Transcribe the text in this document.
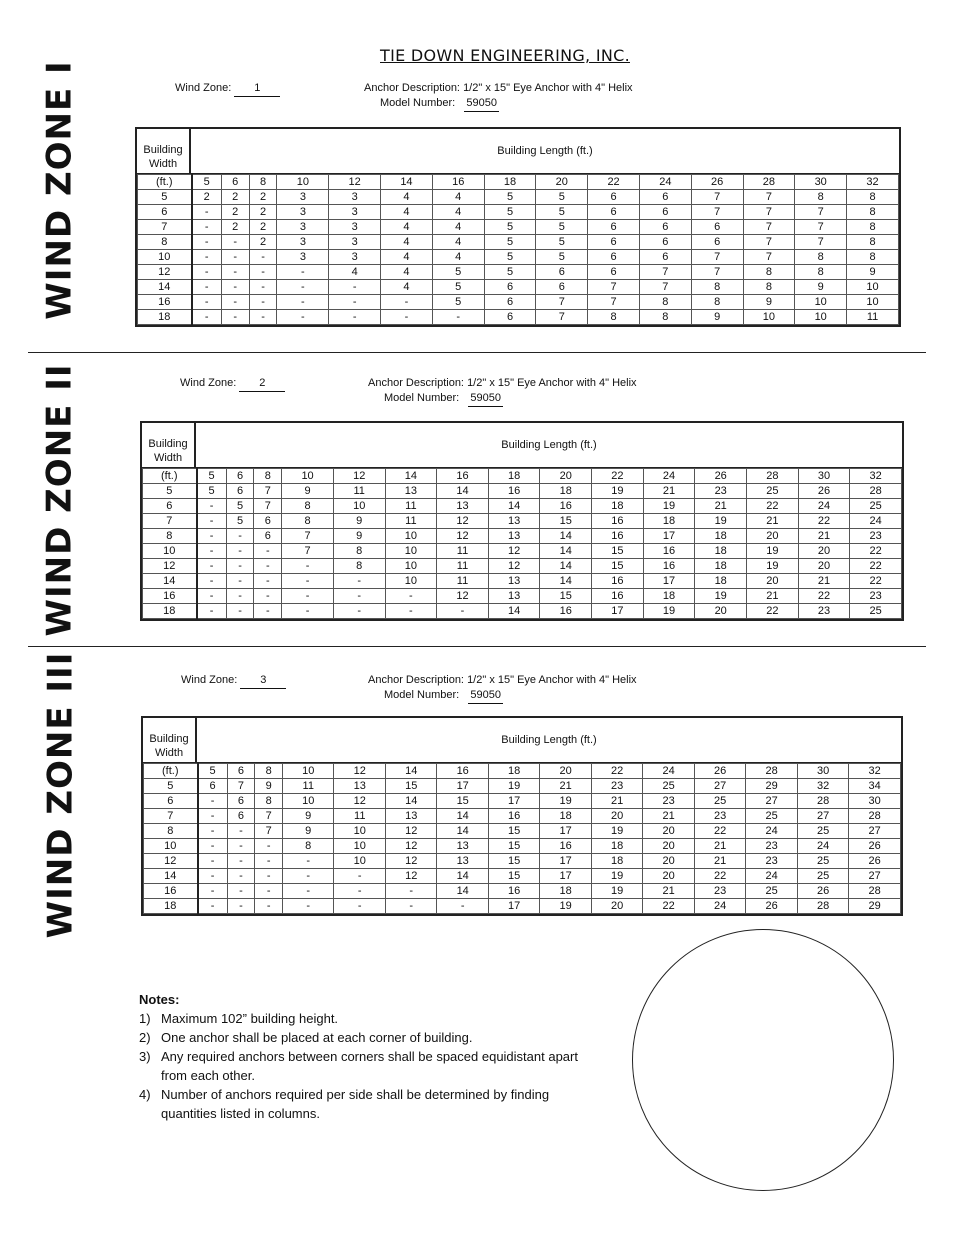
TIE DOWN ENGINEERING, INC.
WIND ZONE I	Wind Zone: 1	Anchor Description: 1/2" x 15" Eye Anchor with 4" Helix
Model Number: 59050
Building
Width
Building Length (ft.)
(ft.)	5	6	8	10	12	14	16	18	20	22	24	26	28	30	32
5	2	2	2	3	3	4	4	5	5	6	6	7	7	8	8
6	-	2	2	3	3	4	4	5	5	6	6	7	7	7	8
7	-	2	2	3	3	4	4	5	5	6	6	6	7	7	8
8	-	-	2	3	3	4	4	5	5	6	6	6	7	7	8
10	-	-	-	3	3	4	4	5	5	6	6	7	7	8	8
12	-	-	-	-	4	4	5	5	6	6	7	7	8	8	9
14	-	-	-	-	-	4	5	6	6	7	7	8	8	9	10
16	-	-	-	-	-	-	5	6	7	7	8	8	9	10	10
18	-	-	-	-	-	-	-	6	7	8	8	9	10	10	11
WIND ZONE II	Wind Zone: 2	Anchor Description: 1/2" x 15" Eye Anchor with 4" Helix
Model Number: 59050
Building
Width
Building Length (ft.)
(ft.)	5	6	8	10	12	14	16	18	20	22	24	26	28	30	32
5	5	6	7	9	11	13	14	16	18	19	21	23	25	26	28
6	-	5	7	8	10	11	13	14	16	18	19	21	22	24	25
7	-	5	6	8	9	11	12	13	15	16	18	19	21	22	24
8	-	-	6	7	9	10	12	13	14	16	17	18	20	21	23
10	-	-	-	7	8	10	11	12	14	15	16	18	19	20	22
12	-	-	-	-	8	10	11	12	14	15	16	18	19	20	22
14	-	-	-	-	-	10	11	13	14	16	17	18	20	21	22
16	-	-	-	-	-	-	12	13	15	16	18	19	21	22	23
18	-	-	-	-	-	-	-	14	16	17	19	20	22	23	25
WIND ZONE III	Wind Zone: 3	Anchor Description: 1/2" x 15" Eye Anchor with 4" Helix
Model Number: 59050
Building
Width
Building Length (ft.)
(ft.)	5	6	8	10	12	14	16	18	20	22	24	26	28	30	32
5	6	7	9	11	13	15	17	19	21	23	25	27	29	32	34
6	-	6	8	10	12	14	15	17	19	21	23	25	27	28	30
7	-	6	7	9	11	13	14	16	18	20	21	23	25	27	28
8	-	-	7	9	10	12	14	15	17	19	20	22	24	25	27
10	-	-	-	8	10	12	13	15	16	18	20	21	23	24	26
12	-	-	-	-	10	12	13	15	17	18	20	21	23	25	26
14	-	-	-	-	-	12	14	15	17	19	20	22	24	25	27
16	-	-	-	-	-	-	14	16	18	19	21	23	25	26	28
18	-	-	-	-	-	-	-	17	19	20	22	24	26	28	29
Notes:
1) Maximum 102” building height.
2) One anchor shall be placed at each corner of building.
3) Any required anchors between corners shall be spaced equidistant apart from each other.
4) Number of anchors required per side shall be determined by finding quantities listed in columns.
